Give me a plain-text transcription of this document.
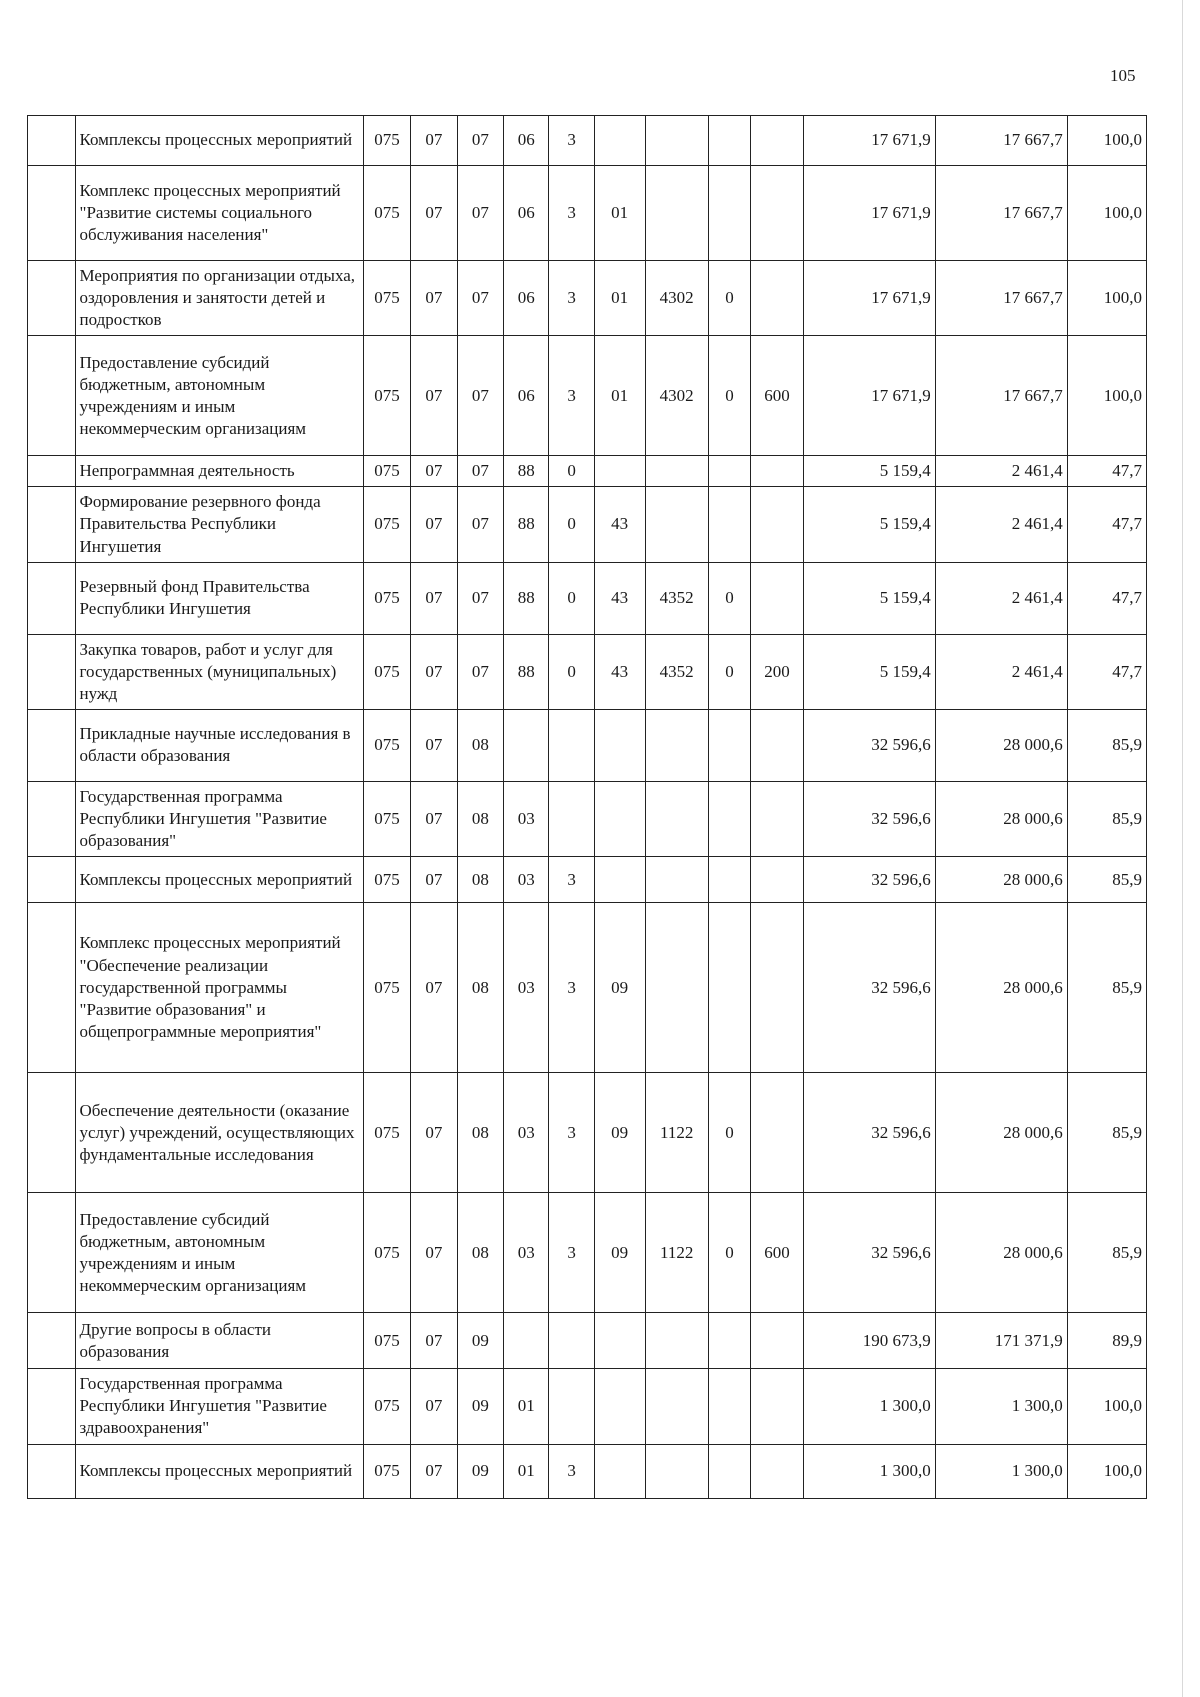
105
	Комплексы процессных мероприятий	075	07	07	06	3					17 671,9	17 667,7	100,0
	Комплекс процессных мероприятий "Развитие системы социального обслуживания населения"	075	07	07	06	3	01				17 671,9	17 667,7	100,0
	Мероприятия по организации отдыха, оздоровления и занятости детей и подростков	075	07	07	06	3	01	4302	0		17 671,9	17 667,7	100,0
	Предоставление субсидий бюджетным, автономным учреждениям и иным некоммерческим организациям	075	07	07	06	3	01	4302	0	600	17 671,9	17 667,7	100,0
	Непрограммная деятельность	075	07	07	88	0					5 159,4	2 461,4	47,7
	Формирование резервного фонда Правительства Республики Ингушетия	075	07	07	88	0	43				5 159,4	2 461,4	47,7
	Резервный фонд Правительства Республики Ингушетия	075	07	07	88	0	43	4352	0		5 159,4	2 461,4	47,7
	Закупка товаров, работ и услуг для государственных (муниципальных) нужд	075	07	07	88	0	43	4352	0	200	5 159,4	2 461,4	47,7
	Прикладные научные исследования в области образования	075	07	08							32 596,6	28 000,6	85,9
	Государственная программа Республики Ингушетия "Развитие образования"	075	07	08	03						32 596,6	28 000,6	85,9
	Комплексы процессных мероприятий	075	07	08	03	3					32 596,6	28 000,6	85,9
	Комплекс процессных мероприятий "Обеспечение реализации государственной программы "Развитие образования" и общепрограммные мероприятия"	075	07	08	03	3	09				32 596,6	28 000,6	85,9
	Обеспечение деятельности (оказание услуг) учреждений, осуществляющих фундаментальные исследования	075	07	08	03	3	09	1122	0		32 596,6	28 000,6	85,9
	Предоставление субсидий бюджетным, автономным учреждениям и иным некоммерческим организациям	075	07	08	03	3	09	1122	0	600	32 596,6	28 000,6	85,9
	Другие вопросы в области образования	075	07	09							190 673,9	171 371,9	89,9
	Государственная программа Республики Ингушетия "Развитие здравоохранения"	075	07	09	01						1 300,0	1 300,0	100,0
	Комплексы процессных мероприятий	075	07	09	01	3					1 300,0	1 300,0	100,0
